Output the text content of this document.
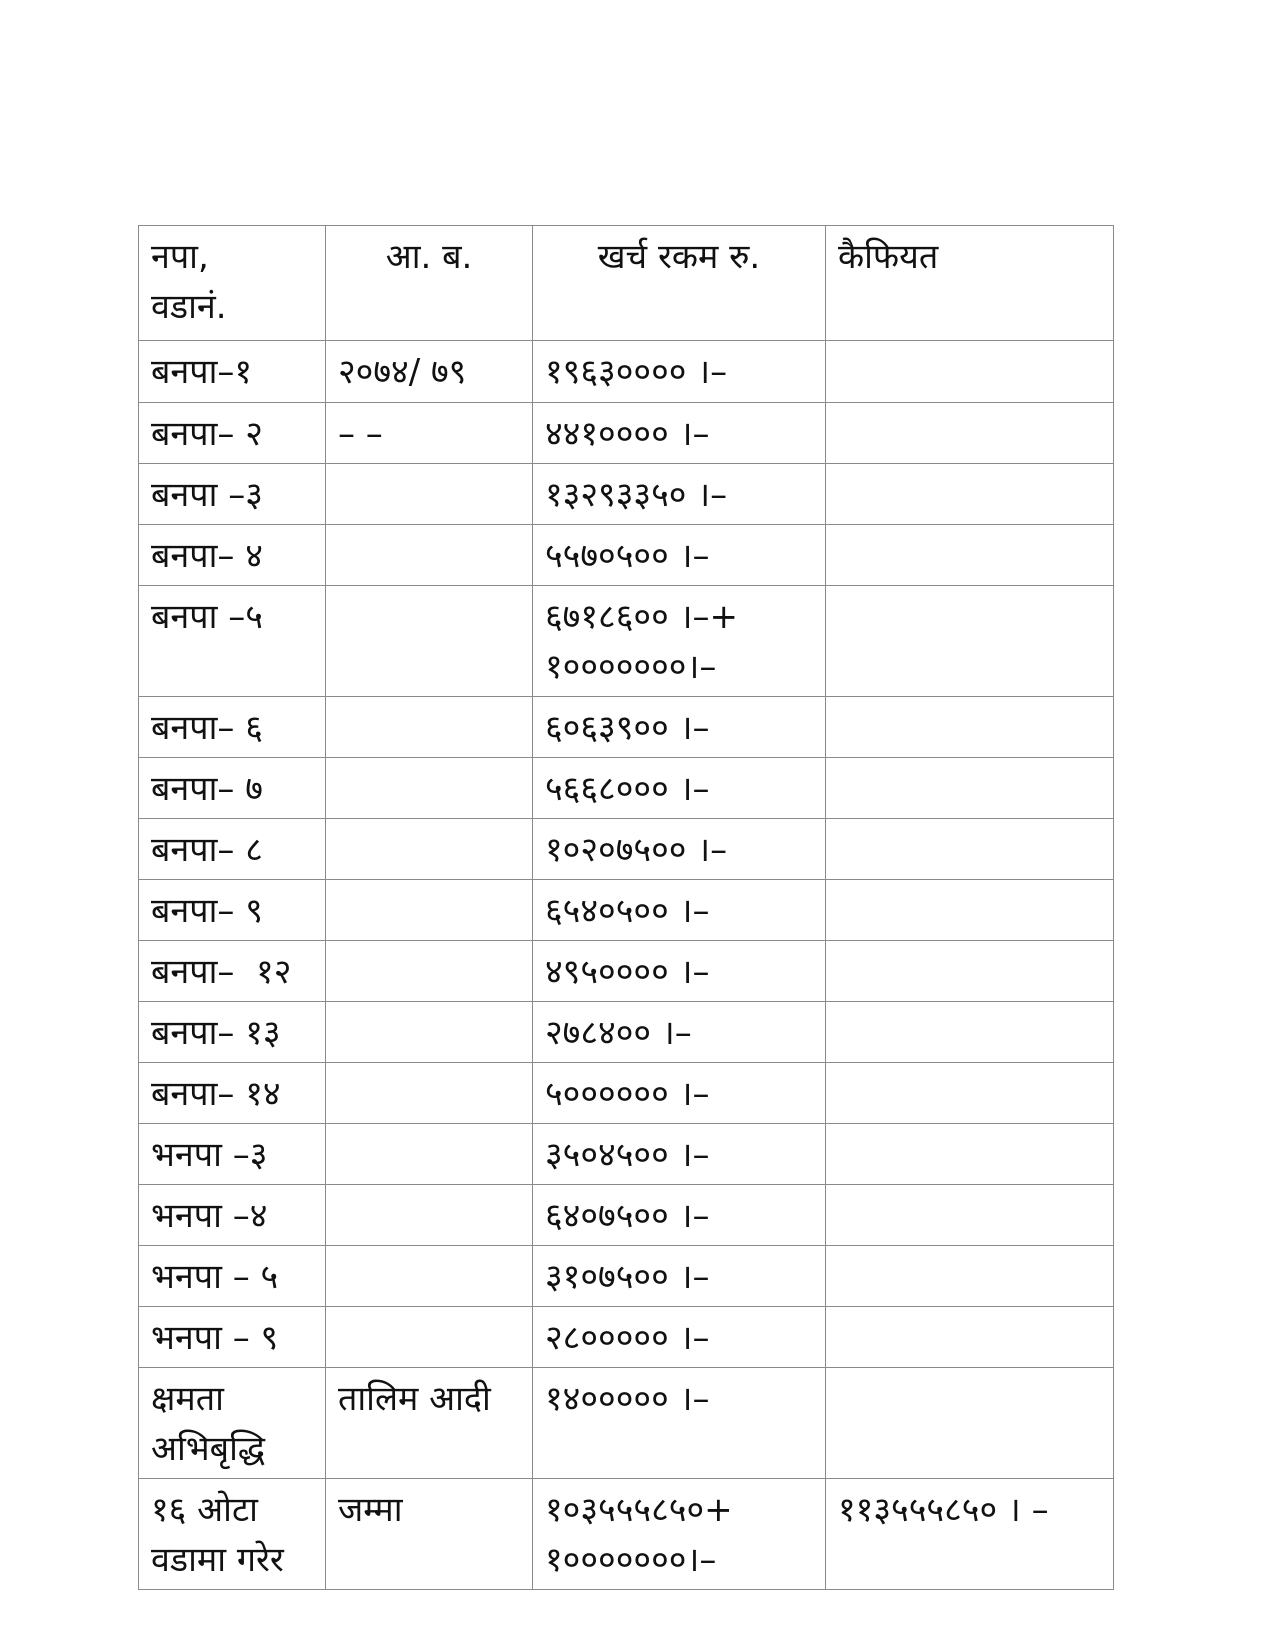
नपा,
वडानं.	आ. ब.	खर्च रकम रु.	कैफियत
बनपा–१	२०७४/ ७९	१९६३०००० ।–	
बनपा– २	– –	४४१०००० ।–	
बनपा –३		१३२९३३५० ।–	
बनपा– ४		५५७०५०० ।–	
बनपा –५		६७१८६०० ।–+
१०००००००।–	

बनपा– ६		६०६३९०० ।–	
बनपा– ७		५६६८००० ।–	
बनपा– ८		१०२०७५०० ।–	
बनपा– ९		६५४०५०० ।–	
बनपा–  १२		४९५०००० ।–	
बनपा– १३		२७८४०० ।–	
बनपा– १४		५०००००० ।–	
भनपा –३		३५०४५०० ।–	
भनपा –४		६४०७५०० ।–	
भनपा – ५		३१०७५०० ।–	
भनपा – ९		२८००००० ।–	

क्षमता
अभिबृद्धि	तालिम आदी	१४००००० ।–	

१६ ओटा
वडामा गरेर	जम्मा	१०३५५५८५०+
१०००००००।–	११३५५५८५० । –
